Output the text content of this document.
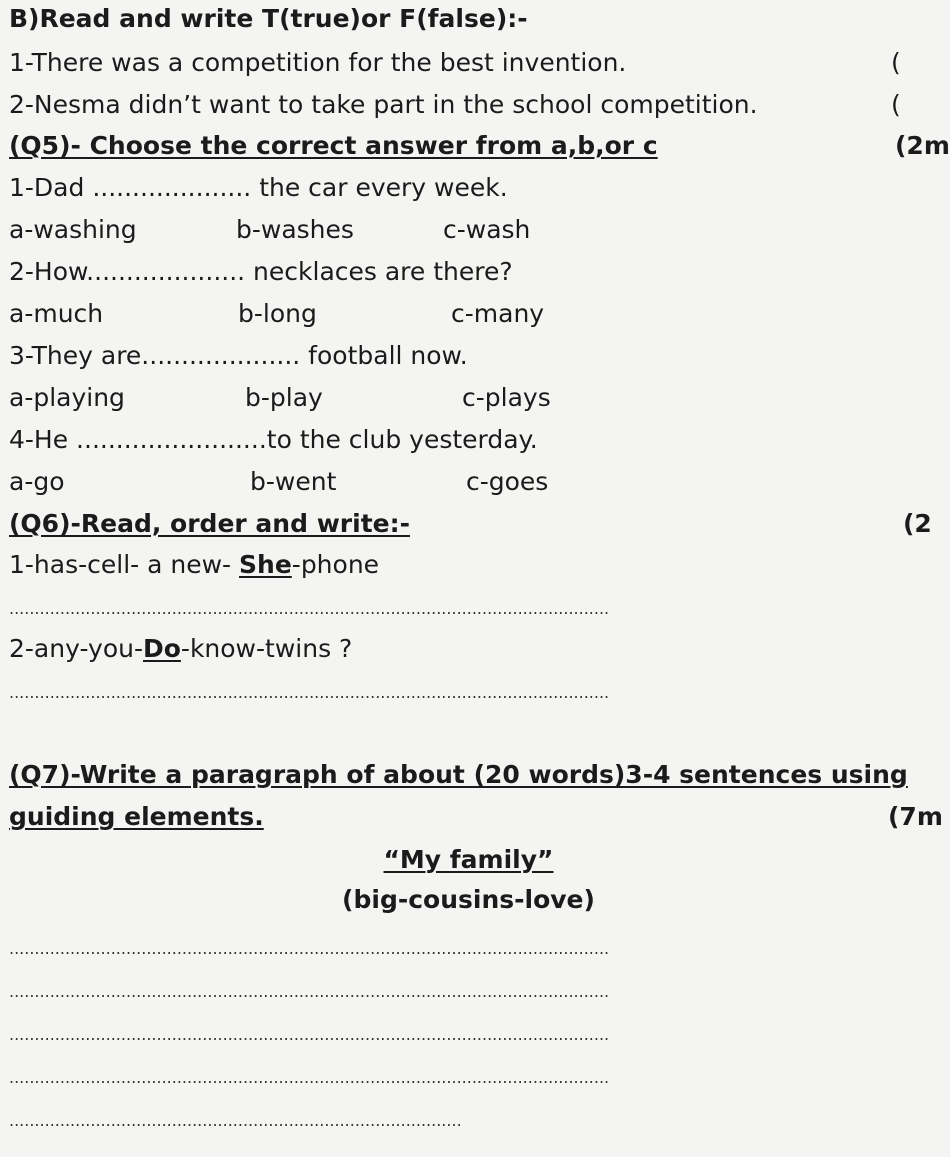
B)Read and write T(true)or F(false):-
1-There was a competition for the best invention.	(
2-Nesma didn’t want to take part in the school competition.	(
(Q5)- Choose the correct answer from a,b,or c	(2m
1-Dad .................... the car every week.
a-washing	b-washes	c-wash
2-How.................... necklaces are there?
a-much	b-long	c-many
3-They are.................... football now.
a-playing	b-play	c-plays
4-He ........................to the club yesterday.
a-go	b-went	c-goes
(Q6)-Read, order and write:-	(2
1-has-cell- a new- She-phone
......................................................................................................................
2-any-you-Do-know-twins ?
......................................................................................................................
(Q7)-Write a paragraph of about (20 words)3-4 sentences using
guiding elements.	(7m
“My family”
(big-cousins-love)
......................................................................................................................
......................................................................................................................
......................................................................................................................
......................................................................................................................
.........................................................................................
